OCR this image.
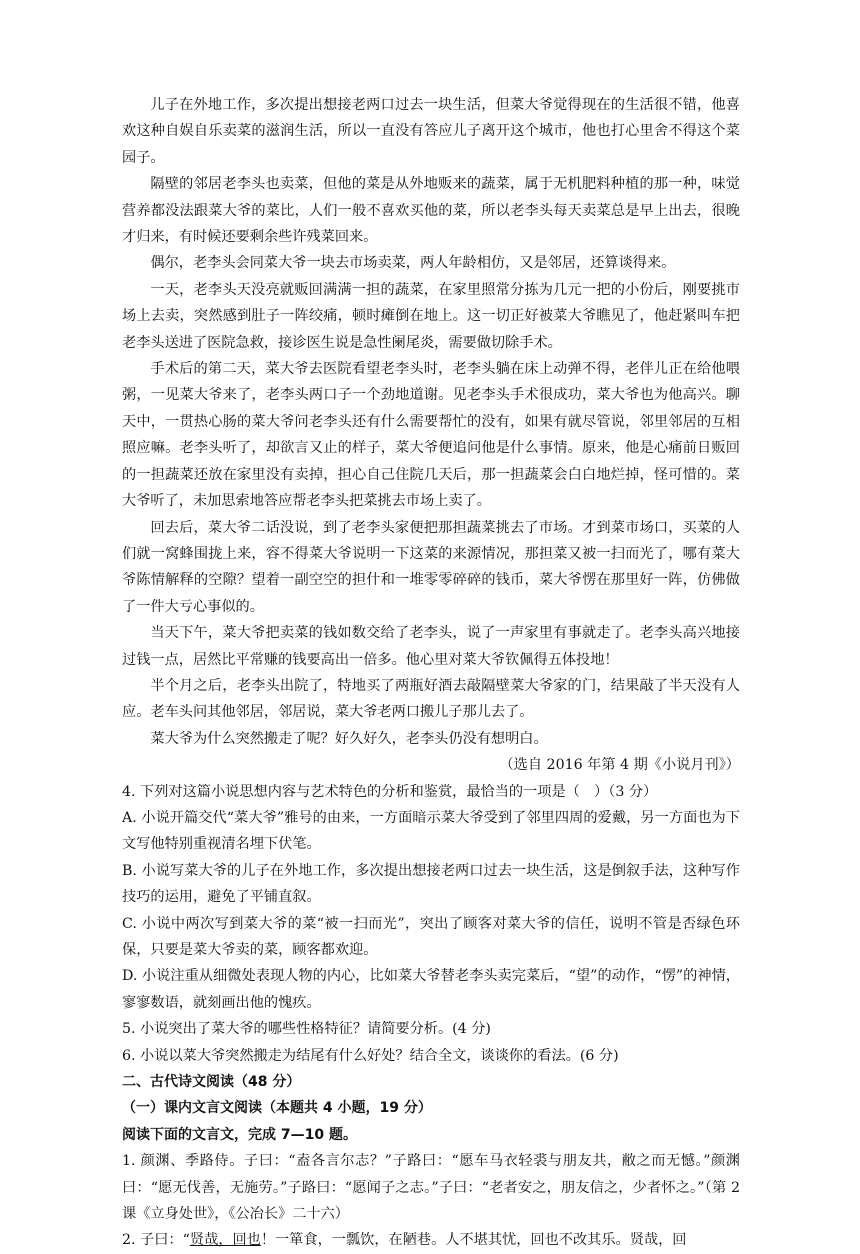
儿子在外地工作，多次提出想接老两口过去一块生活，但菜大爷觉得现在的生活很不错，他喜欢这种自娱自乐卖菜的滋润生活，所以一直没有答应儿子离开这个城市，他也打心里舍不得这个菜园子。

隔壁的邻居老李头也卖菜，但他的菜是从外地贩来的蔬菜，属于无机肥料种植的那一种，味觉营养都没法跟菜大爷的菜比，人们一般不喜欢买他的菜，所以老李头每天卖菜总是早上出去，很晚才归来，有时候还要剩余些许残菜回来。

偶尔，老李头会同菜大爷一块去市场卖菜，两人年龄相仿，又是邻居，还算谈得来。

一天，老李头天没亮就贩回满满一担的蔬菜，在家里照常分拣为几元一把的小份后，刚要挑市场上去卖，突然感到肚子一阵绞痛，顿时瘫倒在地上。这一切正好被菜大爷瞧见了，他赶紧叫车把老李头送进了医院急救，接诊医生说是急性阑尾炎，需要做切除手术。

手术后的第二天，菜大爷去医院看望老李头时，老李头躺在床上动弹不得，老伴儿正在给他喂粥，一见菜大爷来了，老李头两口子一个劲地道谢。见老李头手术很成功，菜大爷也为他高兴。聊天中，一贯热心肠的菜大爷问老李头还有什么需要帮忙的没有，如果有就尽管说，邻里邻居的互相照应嘛。老李头听了，却欲言又止的样子，菜大爷便追问他是什么事情。原来，他是心痛前日贩回的一担蔬菜还放在家里没有卖掉，担心自己住院几天后，那一担蔬菜会白白地烂掉，怪可惜的。菜大爷听了，未加思索地答应帮老李头把菜挑去市场上卖了。

回去后，菜大爷二话没说，到了老李头家便把那担蔬菜挑去了市场。才到菜市场口，买菜的人们就一窝蜂围拢上来，容不得菜大爷说明一下这菜的来源情况，那担菜又被一扫而光了，哪有菜大爷陈情解释的空隙？望着一副空空的担什和一堆零零碎碎的钱币，菜大爷愣在那里好一阵，仿佛做了一件大亏心事似的。

当天下午，菜大爷把卖菜的钱如数交给了老李头，说了一声家里有事就走了。老李头高兴地接过钱一点，居然比平常赚的钱要高出一倍多。他心里对菜大爷钦佩得五体投地！

半个月之后，老李头出院了，特地买了两瓶好酒去敲隔壁菜大爷家的门，结果敲了半天没有人应。老车头问其他邻居，邻居说，菜大爷老两口搬儿子那儿去了。

菜大爷为什么突然搬走了呢？好久好久，老李头仍没有想明白。

（选自 2016 年第 4 期《小说月刊》）

4. 下列对这篇小说思想内容与艺术特色的分析和鉴赏，最恰当的一项是（　）（3 分）

A. 小说开篇交代“菜大爷”雅号的由来，一方面暗示菜大爷受到了邻里四周的爱戴，另一方面也为下文写他特别重视清名埋下伏笔。

B. 小说写菜大爷的儿子在外地工作，多次提出想接老两口过去一块生活，这是倒叙手法，这种写作技巧的运用，避免了平铺直叙。

C. 小说中两次写到菜大爷的菜“被一扫而光”，突出了顾客对菜大爷的信任，说明不管是否绿色环保，只要是菜大爷卖的菜，顾客都欢迎。

D. 小说注重从细微处表现人物的内心，比如菜大爷替老李头卖完菜后，“望”的动作，“愣”的神情，寥寥数语，就刻画出他的愧疚。

5. 小说突出了菜大爷的哪些性格特征？请简要分析。(4 分)

6. 小说以菜大爷突然搬走为结尾有什么好处？结合全文，谈谈你的看法。(6 分)

二、古代诗文阅读（48 分）

（一）课内文言文阅读（本题共 4 小题，19 分）

阅读下面的文言文，完成 7—10 题。

1. 颜渊、季路侍。子曰：“盍各言尔志？”子路曰：“愿车马衣轻裘与朋友共，敝之而无憾。”颜渊曰：“愿无伐善，无施劳。”子路曰：“愿闻子之志。”子曰：“老者安之，朋友信之，少者怀之。”（第 2 课《立身处世》，《公冶长》二十六）

2. 子曰：“贤哉，回也！一箪食，一瓢饮，在陋巷。人不堪其忧，回也不改其乐。贤哉，回
